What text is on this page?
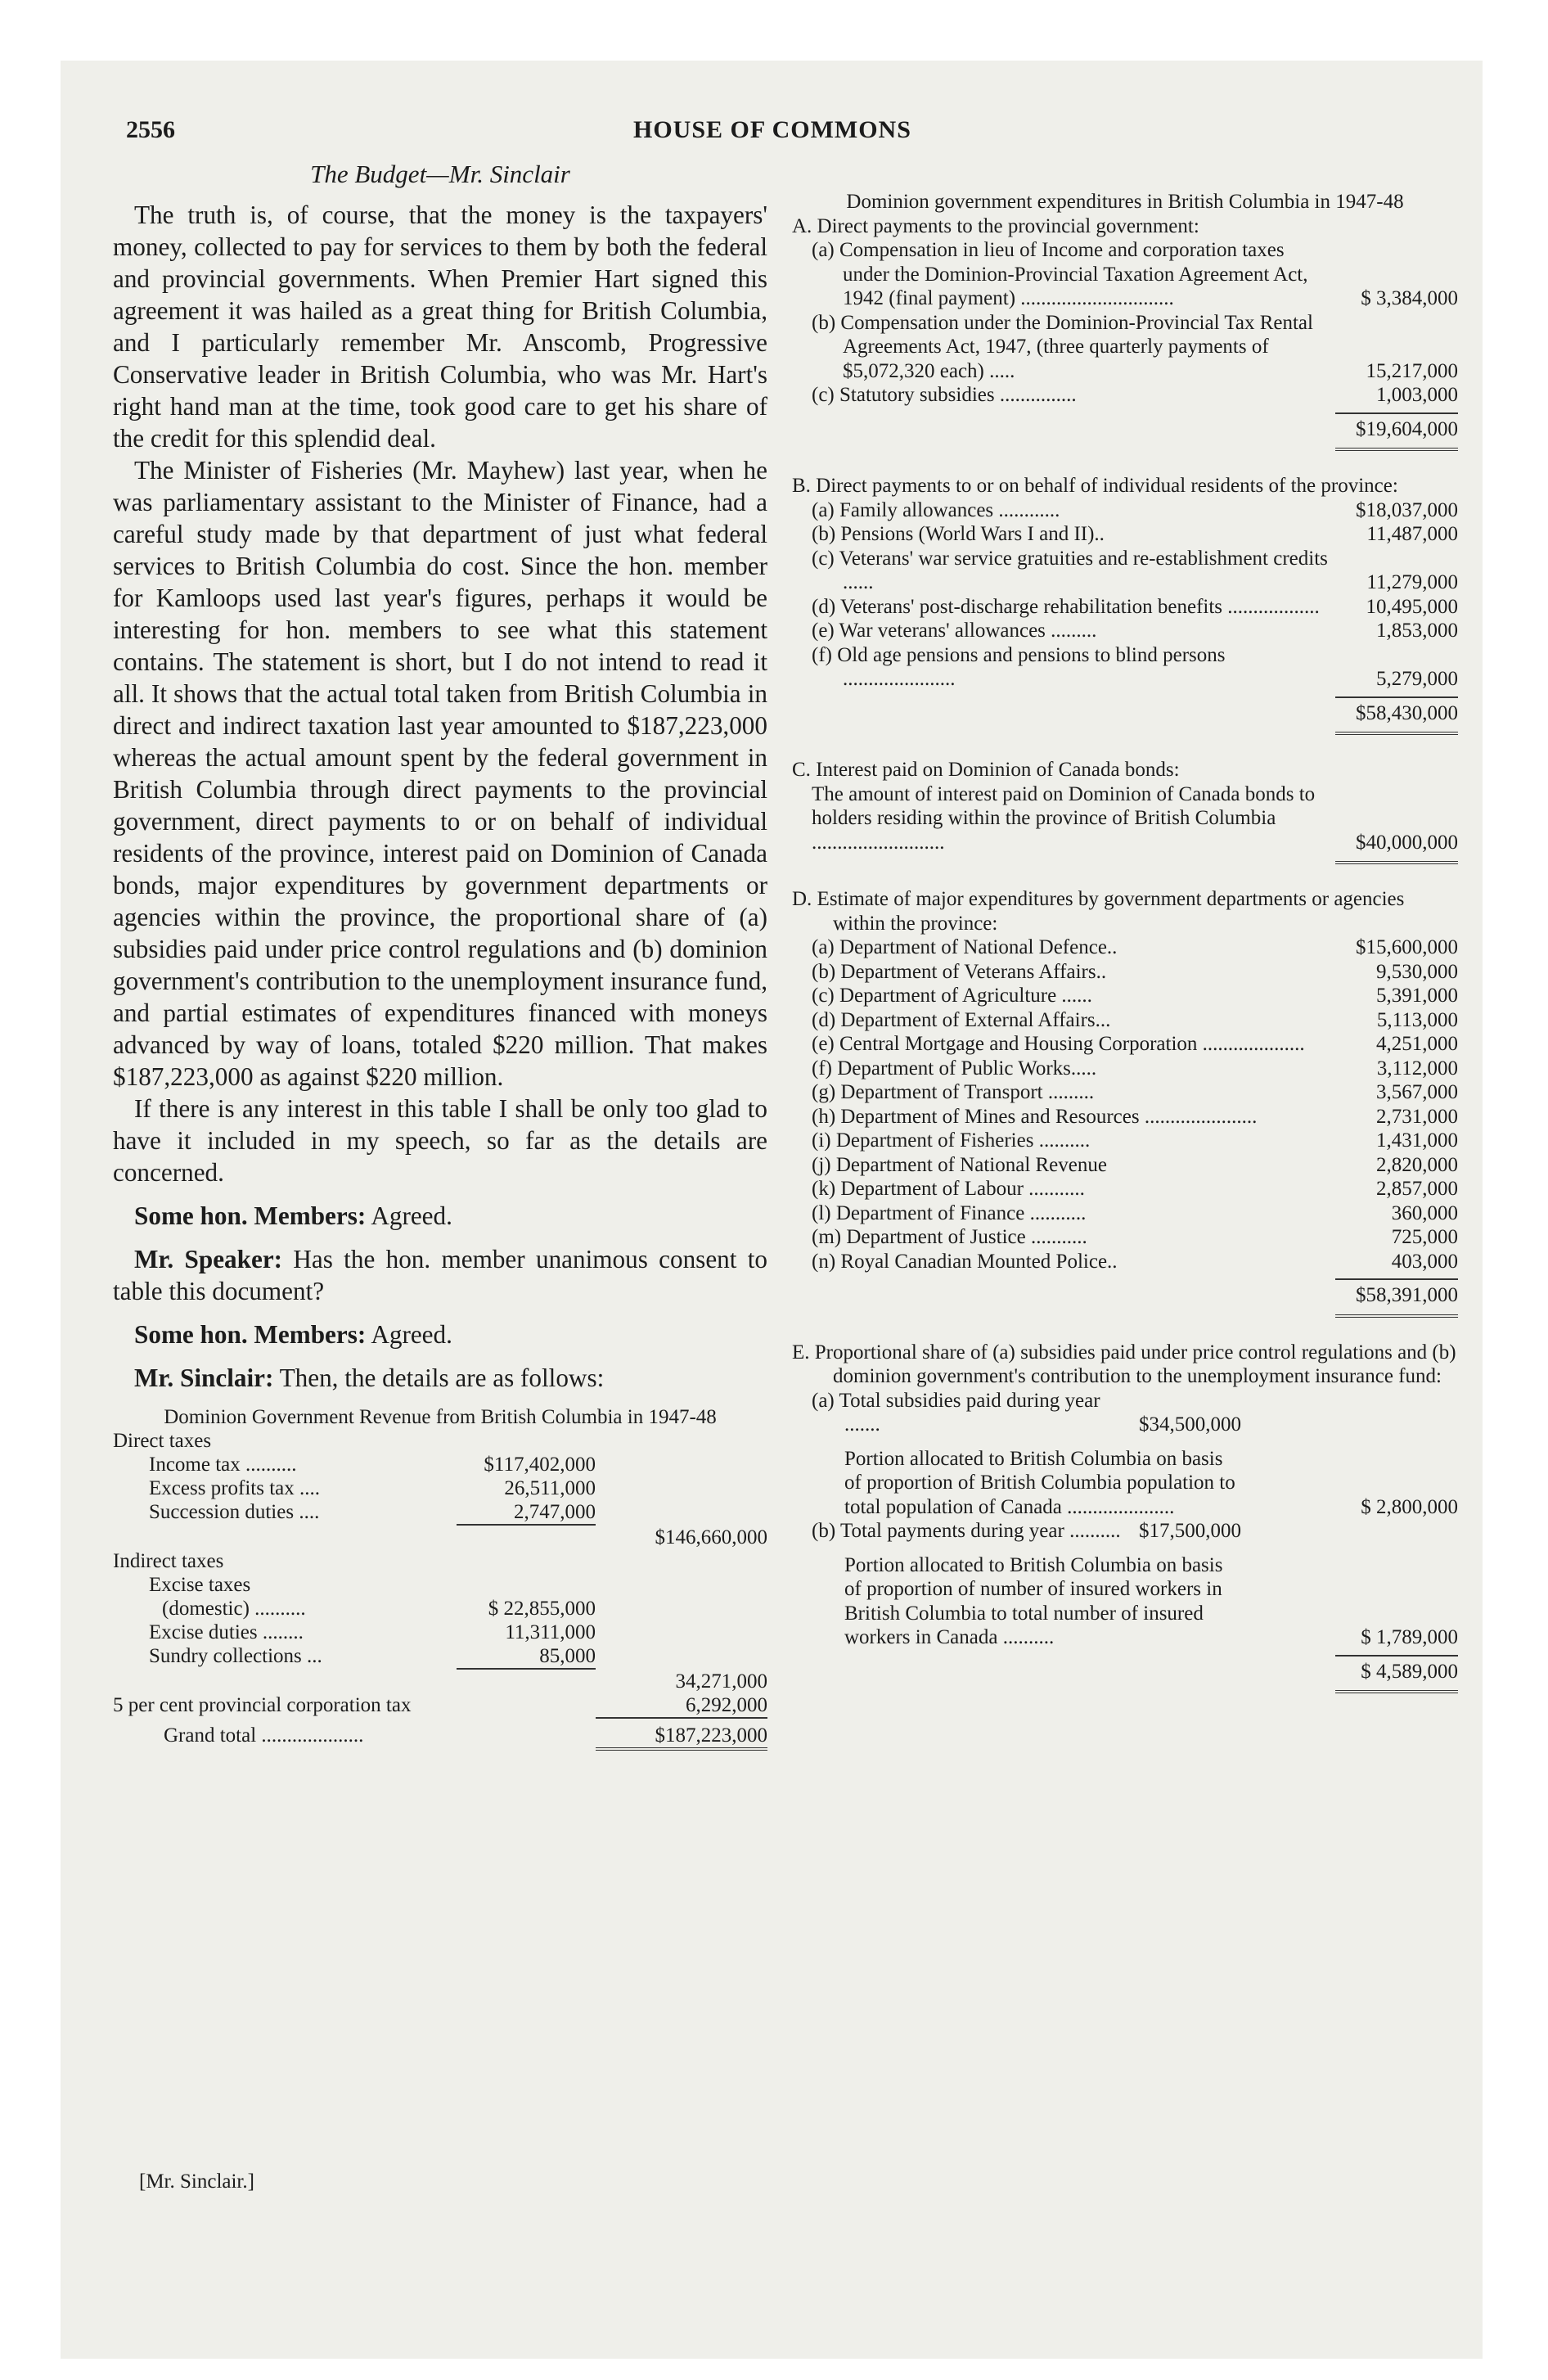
2556	HOUSE OF COMMONS
The Budget—Mr. Sinclair

The truth is, of course, that the money is the taxpayers' money, collected to pay for services to them by both the federal and provincial governments. When Premier Hart signed this agreement it was hailed as a great thing for British Columbia, and I particularly remember Mr. Anscomb, Progressive Conservative leader in British Columbia, who was Mr. Hart's right hand man at the time, took good care to get his share of the credit for this splendid deal.

The Minister of Fisheries (Mr. Mayhew) last year, when he was parliamentary assistant to the Minister of Finance, had a careful study made by that department of just what federal services to British Columbia do cost. Since the hon. member for Kamloops used last year's figures, perhaps it would be interesting for hon. members to see what this statement contains. The statement is short, but I do not intend to read it all. It shows that the actual total taken from British Columbia in direct and indirect taxation last year amounted to $187,223,000 whereas the actual amount spent by the federal government in British Columbia through direct payments to the provincial government, direct payments to or on behalf of individual residents of the province, interest paid on Dominion of Canada bonds, major expenditures by government departments or agencies within the province, the proportional share of (a) subsidies paid under price control regulations and (b) dominion government's contribution to the unemployment insurance fund, and partial estimates of expenditures financed with moneys advanced by way of loans, totaled $220 million. That makes $187,223,000 as against $220 million.

If there is any interest in this table I shall be only too glad to have it included in my speech, so far as the details are concerned.

Some hon. Members: Agreed.

Mr. Speaker: Has the hon. member unanimous consent to table this document?

Some hon. Members: Agreed.

Mr. Sinclair: Then, the details are as follows:

Dominion Government Revenue from British Columbia in 1947-48
Direct taxes
Income tax ..........	$117,402,000
Excess profits tax ....	26,511,000
Succession duties ....	2,747,000
$146,660,000
Indirect taxes
Excise taxes
(domestic) ..........	$ 22,855,000
Excise duties ........	11,311,000
Sundry collections ...	85,000
34,271,000
5 per cent provincial corporation tax	6,292,000
Grand total ....................	$187,223,000
[Mr. Sinclair.]
Dominion government expenditures in British Columbia in 1947-48
A. Direct payments to the provincial government:
(a) Compensation in lieu of Income and corporation taxes under the Dominion-Provincial Taxation Agreement Act, 1942 (final payment) ..............................	$ 3,384,000
(b) Compensation under the Dominion-Provincial Tax Rental Agreements Act, 1947, (three quarterly payments of $5,072,320 each) .....	15,217,000
(c) Statutory subsidies ...............	1,003,000
$19,604,000
B. Direct payments to or on behalf of individual residents of the province:
(a) Family allowances ............	$18,037,000
(b) Pensions (World Wars I and II)..	11,487,000
(c) Veterans' war service gratuities and re-establishment credits ......	11,279,000
(d) Veterans' post-discharge rehabilitation benefits ..................	10,495,000
(e) War veterans' allowances .........	1,853,000
(f) Old age pensions and pensions to blind persons ......................	5,279,000
$58,430,000
C. Interest paid on Dominion of Canada bonds:
The amount of interest paid on Dominion of Canada bonds to holders residing within the province of British Columbia ..........................	$40,000,000
D. Estimate of major expenditures by government departments or agencies within the province:
(a) Department of National Defence..	$15,600,000
(b) Department of Veterans Affairs..	9,530,000
(c) Department of Agriculture ......	5,391,000
(d) Department of External Affairs...	5,113,000
(e) Central Mortgage and Housing Corporation ....................	4,251,000
(f) Department of Public Works.....	3,112,000
(g) Department of Transport .........	3,567,000
(h) Department of Mines and Resources ......................	2,731,000
(i) Department of Fisheries ..........	1,431,000
(j) Department of National Revenue	2,820,000
(k) Department of Labour ...........	2,857,000
(l) Department of Finance ...........	360,000
(m) Department of Justice ...........	725,000
(n) Royal Canadian Mounted Police..	403,000
$58,391,000
E. Proportional share of (a) subsidies paid under price control regulations and (b) dominion government's contribution to the unemployment insurance fund:
(a) Total subsidies paid during year .......	$34,500,000
Portion allocated to British Columbia on basis of proportion of British Columbia population to total population of Canada .....................	$ 2,800,000
(b) Total payments during year .......... $17,500,000
Portion allocated to British Columbia on basis of proportion of number of insured workers in British Columbia to total number of insured workers in Canada ..........	$ 1,789,000
$ 4,589,000
